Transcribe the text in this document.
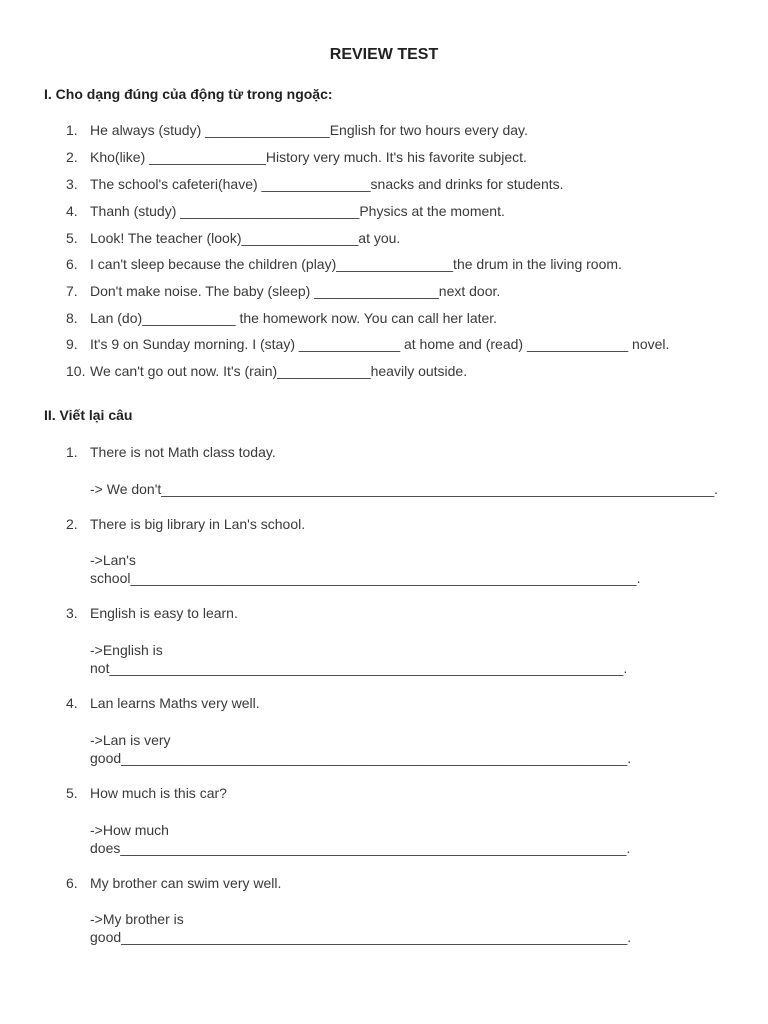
REVIEW TEST
I. Cho dạng đúng của động từ trong ngoặc:
1. He always (study) ________________English for two hours every day.
2. Kho(like) _______________History very much. It's his favorite subject.
3. The school's cafeteri(have) ______________snacks and drinks for students.
4. Thanh (study) _______________________Physics at the moment.
5. Look! The teacher (look)_______________at you.
6. I can't sleep because the children (play)_______________the drum in the living room.
7. Don't make noise. The baby (sleep) ________________next door.
8. Lan (do)____________ the homework now. You can call her later.
9. It's 9 on Sunday morning. I (stay) _____________ at home and (read) _____________ novel.
10. We can't go out now. It's (rain)____________heavily outside.
II. Viết lại câu
1. There is not Math class today.
-> We don't_______________________________________________________________________.
2. There is big library in Lan's school.
->Lan's
school_________________________________________________________________.
3. English is easy to learn.
->English is
not__________________________________________________________________.
4. Lan learns Maths very well.
->Lan is very
good_________________________________________________________________.
5. How much is this car?
->How much
does_________________________________________________________________.
6. My brother can swim very well.
->My brother is
good_________________________________________________________________.
